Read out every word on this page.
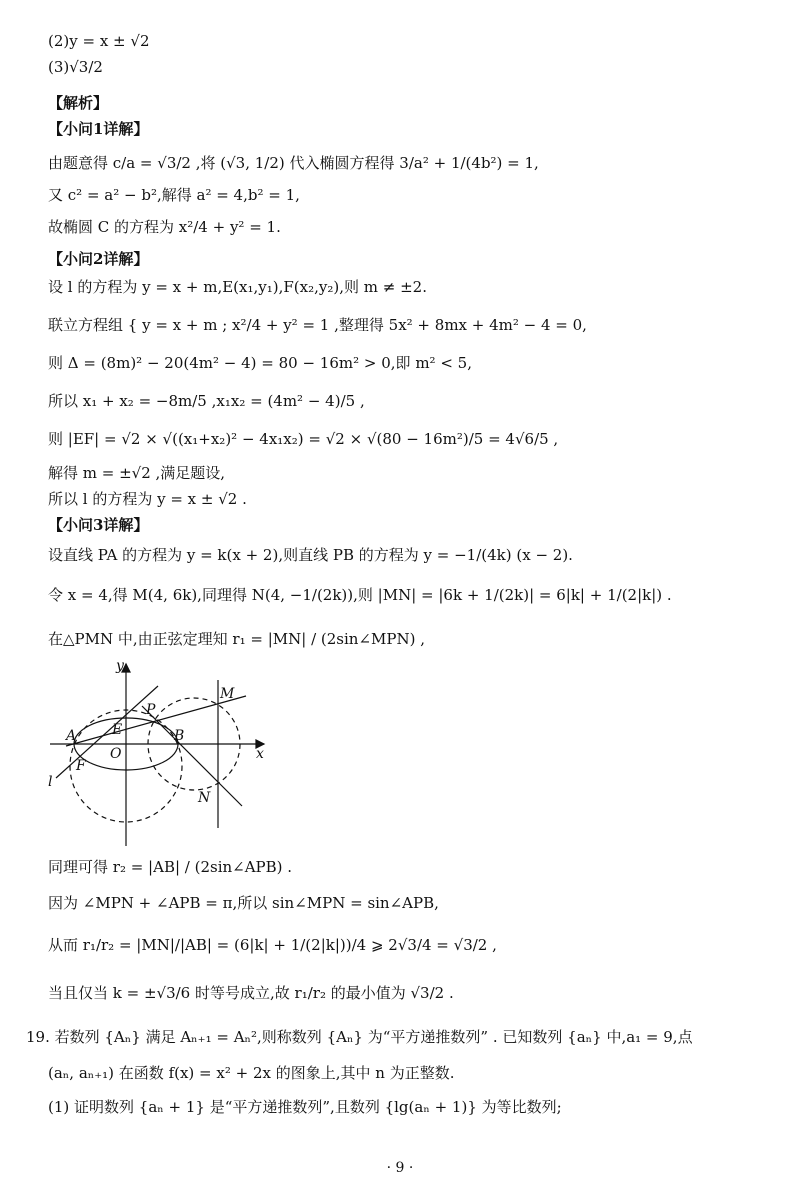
(2)y = x ± √2
(3)√3/2
【解析】
【小问1详解】
由题意得 c/a = √3/2 ,将 (√3, 1/2) 代入椭圆方程得 3/a² + 1/(4b²) = 1,
又 c² = a² − b²,解得 a² = 4,b² = 1,
故椭圆 C 的方程为 x²/4 + y² = 1.
【小问2详解】
设 l 的方程为 y = x + m,E(x₁,y₁),F(x₂,y₂),则 m ≠ ±2.
联立方程组 { y = x + m ; x²/4 + y² = 1 ,整理得 5x² + 8mx + 4m² − 4 = 0,
则 Δ = (8m)² − 20(4m² − 4) = 80 − 16m² > 0,即 m² < 5,
所以 x₁ + x₂ = −8m/5 ,x₁x₂ = (4m² − 4)/5 ,
则 |EF| = √2 × √((x₁+x₂)² − 4x₁x₂) = √2 × √(80 − 16m²)/5 = 4√6/5 ,
解得 m = ±√2 ,满足题设,
所以 l 的方程为 y = x ± √2 .
【小问3详解】
设直线 PA 的方程为 y = k(x + 2),则直线 PB 的方程为 y = −1/(4k) (x − 2).
令 x = 4,得 M(4, 6k),同理得 N(4, −1/(2k)),则 |MN| = |6k + 1/(2k)| = 6|k| + 1/(2|k|) .
在△PMN 中,由正弦定理知 r₁ = |MN| / (2sin∠MPN) ,
y
x
O
A	B
E
F
P
M
N
l
同理可得 r₂ = |AB| / (2sin∠APB) .
因为 ∠MPN + ∠APB = π,所以 sin∠MPN = sin∠APB,
从而 r₁/r₂ = |MN|/|AB| = (6|k| + 1/(2|k|))/4 ⩾ 2√3/4 = √3/2 ,
当且仅当 k = ±√3/6 时等号成立,故 r₁/r₂ 的最小值为 √3/2 .
19. 若数列 {Aₙ} 满足 Aₙ₊₁ = Aₙ²,则称数列 {Aₙ} 为“平方递推数列” . 已知数列 {aₙ} 中,a₁ = 9,点
(aₙ, aₙ₊₁) 在函数 f(x) = x² + 2x 的图象上,其中 n 为正整数.
(1) 证明数列 {aₙ + 1} 是“平方递推数列”,且数列 {lg(aₙ + 1)} 为等比数列;
· 9 ·
